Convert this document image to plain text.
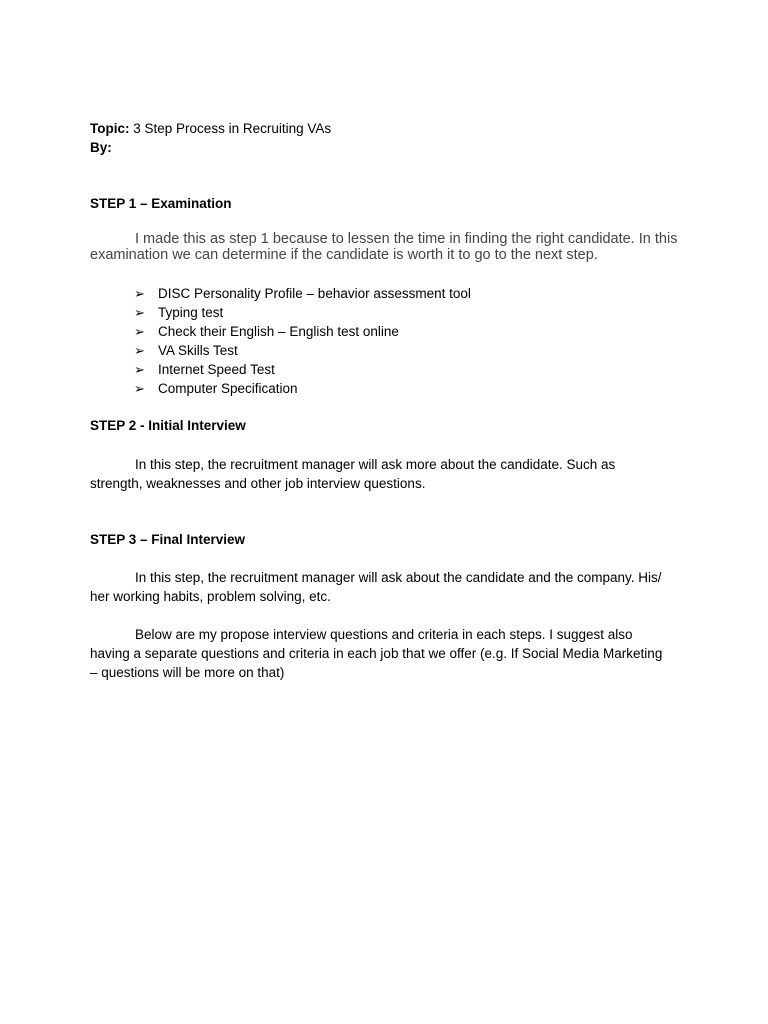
Topic: 3 Step Process in Recruiting VAs
By:
STEP 1 – Examination
I made this as step 1 because to lessen the time in finding the right candidate. In this examination we can determine if the candidate is worth it to go to the next step.
➢ DISC Personality Profile – behavior assessment tool
➢ Typing test
➢ Check their English – English test online
➢ VA Skills Test
➢ Internet Speed Test
➢ Computer Specification
STEP 2 - Initial Interview
In this step, the recruitment manager will ask more about the candidate. Such as strength, weaknesses and other job interview questions.
STEP 3 – Final Interview
In this step, the recruitment manager will ask about the candidate and the company. His/ her working habits, problem solving, etc.
Below are my propose interview questions and criteria in each steps. I suggest also having a separate questions and criteria in each job that we offer (e.g. If Social Media Marketing – questions will be more on that)
